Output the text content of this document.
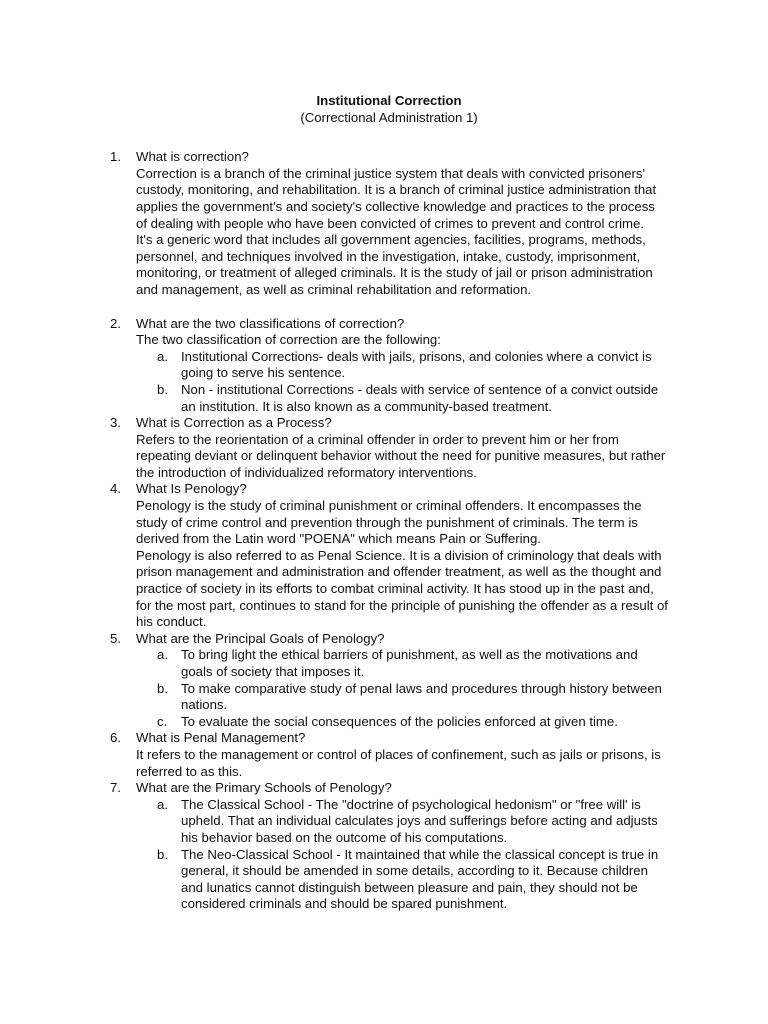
Institutional Correction

(Correctional Administration 1)

1. What is correction?

Correction is a branch of the criminal justice system that deals with convicted prisoners' custody, monitoring, and rehabilitation. It is a branch of criminal justice administration that applies the government's and society's collective knowledge and practices to the process of dealing with people who have been convicted of crimes to prevent and control crime.

It's a generic word that includes all government agencies, facilities, programs, methods, personnel, and techniques involved in the investigation, intake, custody, imprisonment, monitoring, or treatment of alleged criminals. It is the study of jail or prison administration and management, as well as criminal rehabilitation and reformation.

2. What are the two classifications of correction?

The two classification of correction are the following:

a. Institutional Corrections- deals with jails, prisons, and colonies where a convict is going to serve his sentence.
b. Non - institutional Corrections - deals with service of sentence of a convict outside an institution. It is also known as a community-based treatment.
3. What is Correction as a Process?

Refers to the reorientation of a criminal offender in order to prevent him or her from repeating deviant or delinquent behavior without the need for punitive measures, but rather the introduction of individualized reformatory interventions.

4. What Is Penology?

Penology is the study of criminal punishment or criminal offenders. It encompasses the study of crime control and prevention through the punishment of criminals. The term is derived from the Latin word "POENA" which means Pain or Suffering.

Penology is also referred to as Penal Science. It is a division of criminology that deals with prison management and administration and offender treatment, as well as the thought and practice of society in its efforts to combat criminal activity. It has stood up in the past and, for the most part, continues to stand for the principle of punishing the offender as a result of his conduct.

5. What are the Principal Goals of Penology?

a. To bring light the ethical barriers of punishment, as well as the motivations and goals of society that imposes it.
b. To make comparative study of penal laws and procedures through history between nations.
c. To evaluate the social consequences of the policies enforced at given time.
6. What is Penal Management?

It refers to the management or control of places of confinement, such as jails or prisons, is referred to as this.

7. What are the Primary Schools of Penology?

a. The Classical School - The "doctrine of psychological hedonism" or "free will' is upheld. That an individual calculates joys and sufferings before acting and adjusts his behavior based on the outcome of his computations.
b. The Neo-Classical School - It maintained that while the classical concept is true in general, it should be amended in some details, according to it. Because children and lunatics cannot distinguish between pleasure and pain, they should not be considered criminals and should be spared punishment.
